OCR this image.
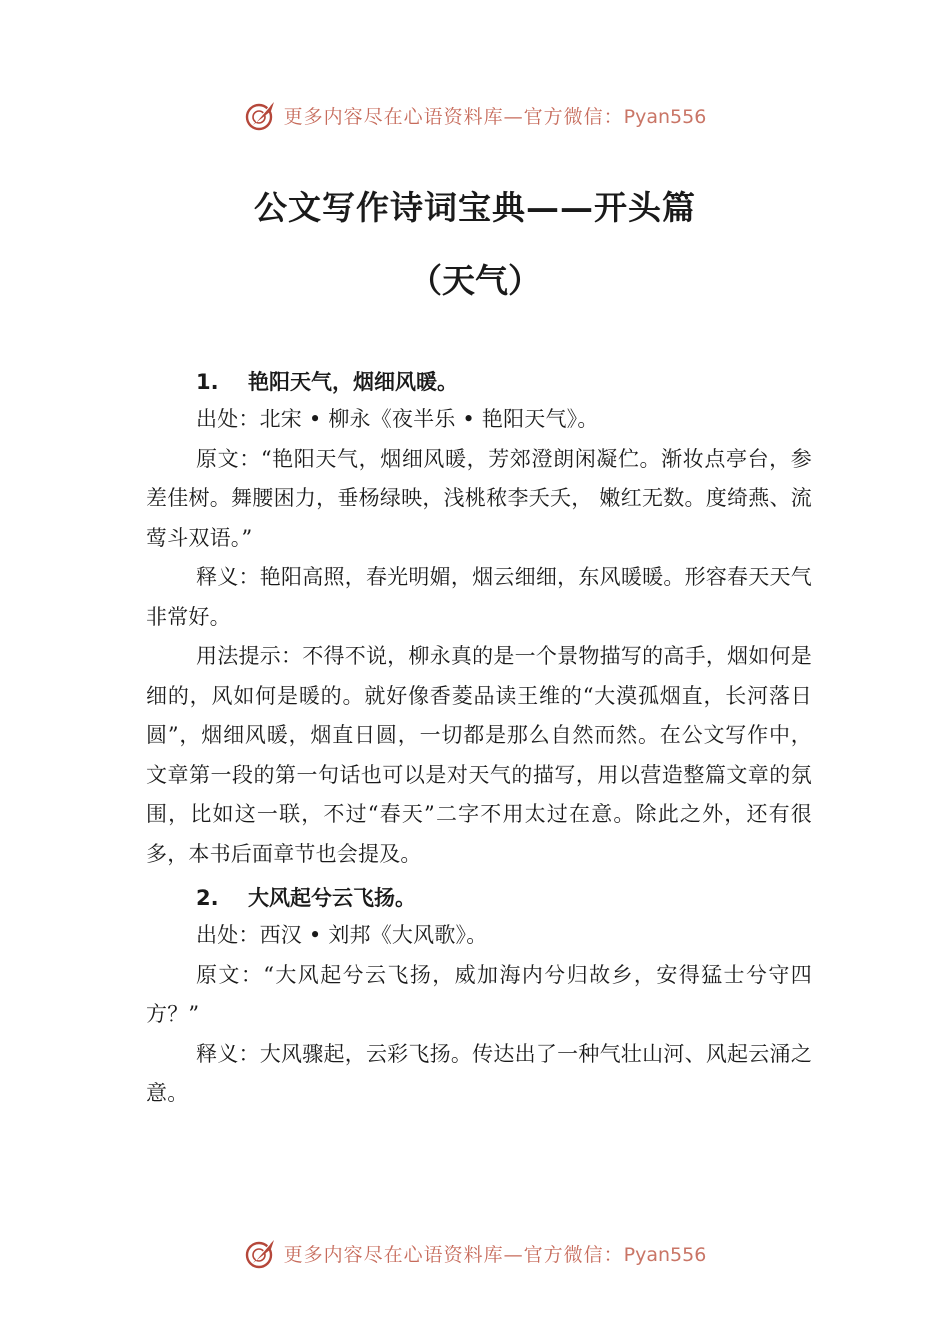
更多内容尽在心语资料库—官方微信：Pyan556
公文写作诗词宝典——开头篇
（天气）

1. 艳阳天气，烟细风暖。

出处：北宋 • 柳永《夜半乐 • 艳阳天气》。

原文：“艳阳天气，烟细风暖，芳郊澄朗闲凝伫。渐妆点亭台，参差佳树。舞腰困力，垂杨绿映，浅桃秾李夭夭， 嫩红无数。度绮燕、流莺斗双语。”

释义：艳阳高照，春光明媚，烟云细细，东风暖暖。形容春天天气非常好。

用法提示：不得不说，柳永真的是一个景物描写的高手，烟如何是细的，风如何是暖的。就好像香菱品读王维的“大漠孤烟直，长河落日圆”，烟细风暖，烟直日圆，一切都是那么自然而然。在公文写作中，文章第一段的第一句话也可以是对天气的描写，用以营造整篇文章的氛围，比如这一联，不过“春天”二字不用太过在意。除此之外，还有很多，本书后面章节也会提及。

2. 大风起兮云飞扬。

出处：西汉 • 刘邦《大风歌》。

原文：“大风起兮云飞扬，威加海内兮归故乡，安得猛士兮守四方？”

释义：大风骤起，云彩飞扬。传达出了一种气壮山河、风起云涌之意。

更多内容尽在心语资料库—官方微信：Pyan556
